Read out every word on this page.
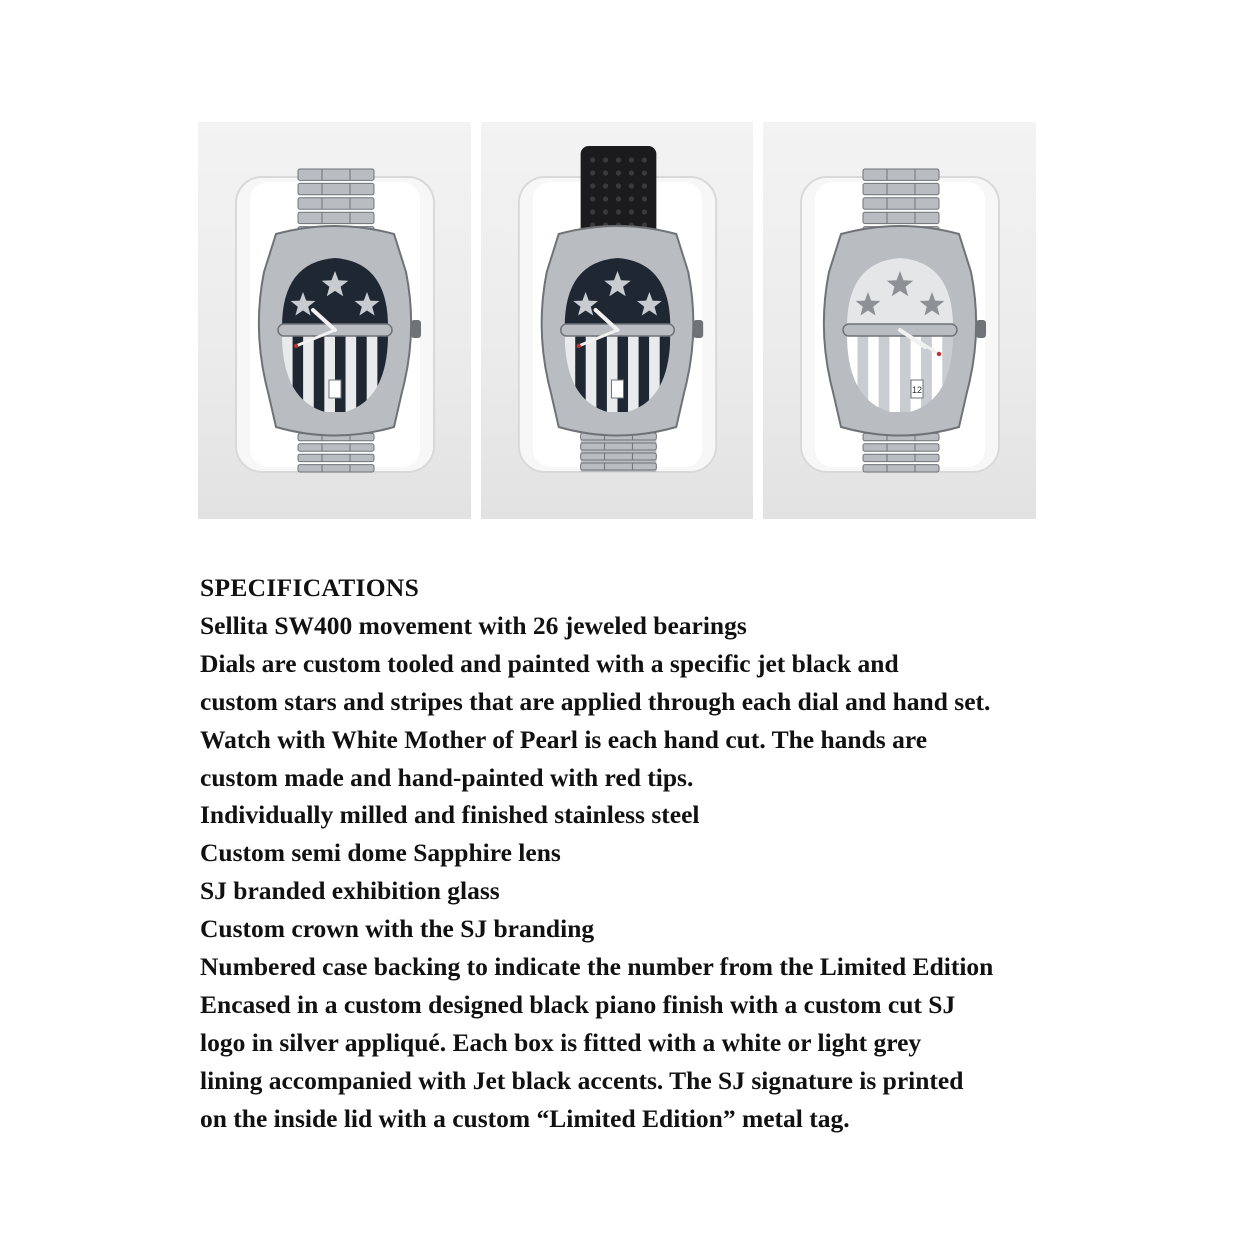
12
SPECIFICATIONS
Sellita SW400 movement with 26 jeweled bearings
Dials are custom tooled and painted with a specific jet black and
custom stars and stripes that are applied through each dial and hand set.
Watch with White Mother of Pearl is each hand cut. The hands are
custom made and hand-painted with red tips.
Individually milled and finished stainless steel
Custom semi dome Sapphire lens
SJ branded exhibition glass
Custom crown with the SJ branding
Numbered case backing to indicate the number from the Limited Edition
Encased in a custom designed black piano finish with a custom cut SJ
logo in silver appliqué. Each box is fitted with a white or light grey
lining accompanied with Jet black accents. The SJ signature is printed
on the inside lid with a custom “Limited Edition” metal tag.
